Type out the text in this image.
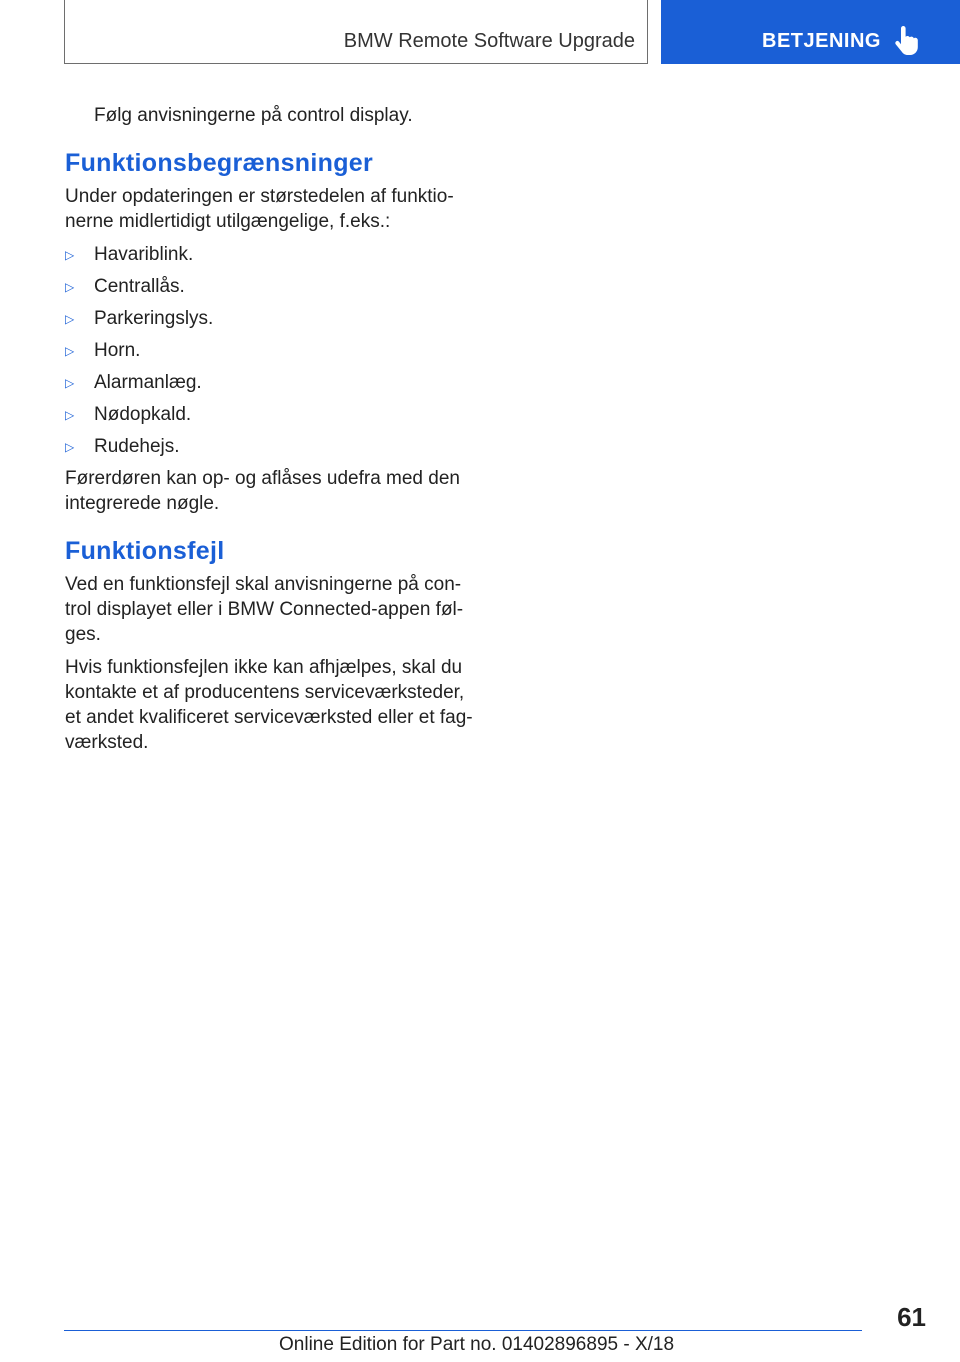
BMW Remote Software Upgrade	BETJENING

Følg anvisningerne på control display.

Funktionsbegrænsninger

Under opdateringen er størstedelen af funktio‐nerne midlertidigt utilgængelige, f.eks.:

▷ Havariblink.
▷ Centrallås.
▷ Parkeringslys.
▷ Horn.
▷ Alarmanlæg.
▷ Nødopkald.
▷ Rudehejs.

Førerdøren kan op- og aflåses udefra med den integrerede nøgle.

Funktionsfejl

Ved en funktionsfejl skal anvisningerne på con‐trol displayet eller i BMW Connected-appen føl‐ges.

Hvis funktionsfejlen ikke kan afhjælpes, skal du kontakte et af producentens serviceværksteder, et andet kvalificeret serviceværksted eller et fag‐værksted.

61
Online Edition for Part no. 01402896895 - X/18
